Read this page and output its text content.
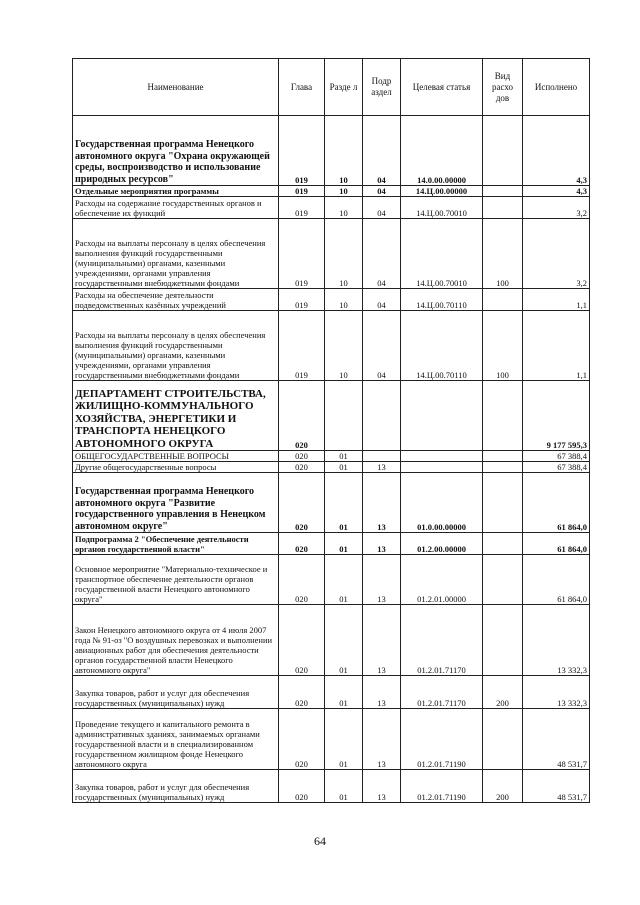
Наименование	Глава	Разде л	Подр аздел	Целевая статья	Вид расхо дов	Исполнено
Государственная программа Ненецкого автономного округа "Охрана окружающей среды, воспроизводство и использование природных ресурсов"	019	10	04	14.0.00.00000		4,3
Отдельные мероприятия программы	019	10	04	14.Ц.00.00000		4,3
Расходы на содержание государственных органов и обеспечение их функций	019	10	04	14.Ц.00.70010		3,2
Расходы на выплаты персоналу в целях обеспечения выполнения функций государственными (муниципальными) органами, казенными учреждениями, органами управления государственными внебюджетными фондами	019	10	04	14.Ц.00.70010	100	3,2
Расходы на обеспечение деятельности подведомственных казённых учреждений	019	10	04	14.Ц.00.70110		1,1
Расходы на выплаты персоналу в целях обеспечения выполнения функций государственными (муниципальными) органами, казенными учреждениями, органами управления государственными внебюджетными фондами	019	10	04	14.Ц.00.70110	100	1,1
ДЕПАРТАМЕНТ СТРОИТЕЛЬСТВА, ЖИЛИЩНО-КОММУНАЛЬНОГО ХОЗЯЙСТВА, ЭНЕРГЕТИКИ И ТРАНСПОРТА НЕНЕЦКОГО АВТОНОМНОГО ОКРУГА	020					9 177 595,3
ОБЩЕГОСУДАРСТВЕННЫЕ ВОПРОСЫ	020	01				67 388,4
Другие общегосударственные вопросы	020	01	13			67 388,4
Государственная программа Ненецкого автономного округа "Развитие государственного управления в Ненецком автономном округе"	020	01	13	01.0.00.00000		61 864,0
Подпрограмма 2 "Обеспечение деятельности органов государственной власти"	020	01	13	01.2.00.00000		61 864,0
Основное мероприятие "Материально-техническое и транспортное обеспечение деятельности органов государственной власти Ненецкого автономного округа"	020	01	13	01.2.01.00000		61 864,0
Закон Ненецкого автономного округа от 4 июля 2007 года № 91-оз "О воздушных перевозках и выполнении авиационных работ для обеспечения деятельности органов государственной власти Ненецкого автономного округа"	020	01	13	01.2.01.71170		13 332,3
Закупка товаров, работ и услуг для обеспечения государственных (муниципальных) нужд	020	01	13	01.2.01.71170	200	13 332,3
Проведение текущего и капитального ремонта в административных зданиях, занимаемых органами государственной власти и в специализированном государственном жилищном фонде Ненецкого автономного округа	020	01	13	01.2.01.71190		48 531,7
Закупка товаров, работ и услуг для обеспечения государственных (муниципальных) нужд	020	01	13	01.2.01.71190	200	48 531,7
64
